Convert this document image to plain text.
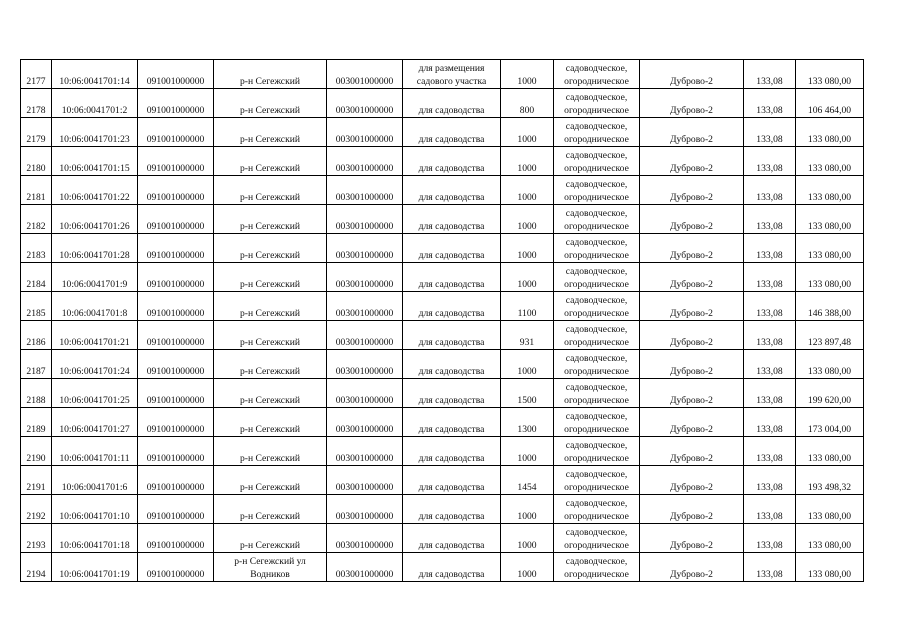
2177	10:06:0041701:14	091001000000	р-н Сегежский	003001000000	для размещения
садового участка	1000	садоводческое,
огородническое	Дуброво-2	133,08	133 080,00
2178	10:06:0041701:2	091001000000	р-н Сегежский	003001000000	для садоводства	800	садоводческое,
огородническое	Дуброво-2	133,08	106 464,00
2179	10:06:0041701:23	091001000000	р-н Сегежский	003001000000	для садоводства	1000	садоводческое,
огородническое	Дуброво-2	133,08	133 080,00
2180	10:06:0041701:15	091001000000	р-н Сегежский	003001000000	для садоводства	1000	садоводческое,
огородническое	Дуброво-2	133,08	133 080,00
2181	10:06:0041701:22	091001000000	р-н Сегежский	003001000000	для садоводства	1000	садоводческое,
огородническое	Дуброво-2	133,08	133 080,00
2182	10:06:0041701:26	091001000000	р-н Сегежский	003001000000	для садоводства	1000	садоводческое,
огородническое	Дуброво-2	133,08	133 080,00
2183	10:06:0041701:28	091001000000	р-н Сегежский	003001000000	для садоводства	1000	садоводческое,
огородническое	Дуброво-2	133,08	133 080,00
2184	10:06:0041701:9	091001000000	р-н Сегежский	003001000000	для садоводства	1000	садоводческое,
огородническое	Дуброво-2	133,08	133 080,00
2185	10:06:0041701:8	091001000000	р-н Сегежский	003001000000	для садоводства	1100	садоводческое,
огородническое	Дуброво-2	133,08	146 388,00
2186	10:06:0041701:21	091001000000	р-н Сегежский	003001000000	для садоводства	931	садоводческое,
огородническое	Дуброво-2	133,08	123 897,48
2187	10:06:0041701:24	091001000000	р-н Сегежский	003001000000	для садоводства	1000	садоводческое,
огородническое	Дуброво-2	133,08	133 080,00
2188	10:06:0041701:25	091001000000	р-н Сегежский	003001000000	для садоводства	1500	садоводческое,
огородническое	Дуброво-2	133,08	199 620,00
2189	10:06:0041701:27	091001000000	р-н Сегежский	003001000000	для садоводства	1300	садоводческое,
огородническое	Дуброво-2	133,08	173 004,00
2190	10:06:0041701:11	091001000000	р-н Сегежский	003001000000	для садоводства	1000	садоводческое,
огородническое	Дуброво-2	133,08	133 080,00
2191	10:06:0041701:6	091001000000	р-н Сегежский	003001000000	для садоводства	1454	садоводческое,
огородническое	Дуброво-2	133,08	193 498,32
2192	10:06:0041701:10	091001000000	р-н Сегежский	003001000000	для садоводства	1000	садоводческое,
огородническое	Дуброво-2	133,08	133 080,00
2193	10:06:0041701:18	091001000000	р-н Сегежский	003001000000	для садоводства	1000	садоводческое,
огородническое	Дуброво-2	133,08	133 080,00
2194	10:06:0041701:19	091001000000	р-н Сегежский ул
Водников	003001000000	для садоводства	1000	садоводческое,
огородническое	Дуброво-2	133,08	133 080,00
